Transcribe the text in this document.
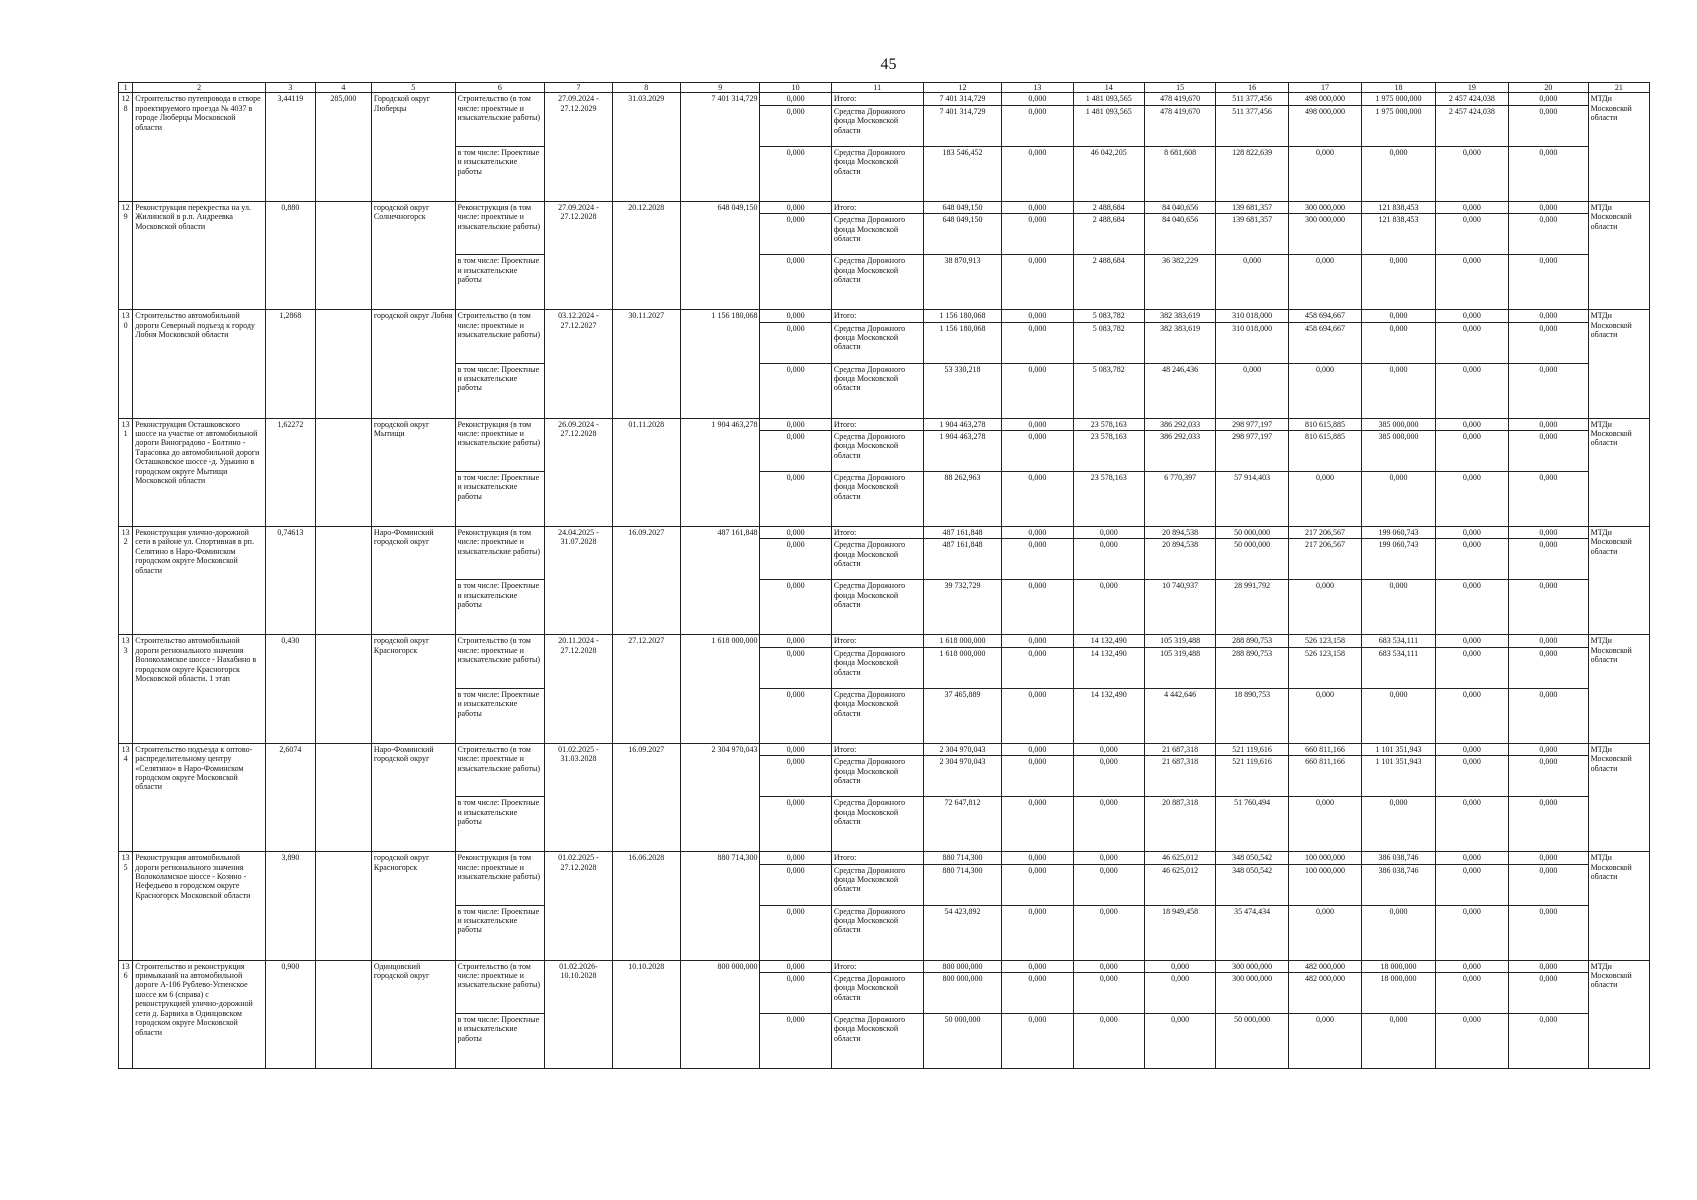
45
1	2	3	4	5	6	7	8	9	10	11	12	13	14	15	16	17	18	19	20	21
128	Строительство путепровода в створе проектируемого проезда № 4037 в городе Люберцы Московской области	3,44119	285,000	Городской округ Люберцы	Строительство (в том числе: проектные и изыскательские работы)	27.09.2024 - 27.12.2029	31.03.2029	7 401 314,729	0,000	Итого:	7 401 314,729	0,000	1 481 093,565	478 419,670	511 377,456	498 000,000	1 975 000,000	2 457 424,038	0,000	МТДи Московской области
									0,000	Средства Дорожного фонда Московской области	7 401 314,729	0,000	1 481 093,565	478 419,670	511 377,456	498 000,000	1 975 000,000	2 457 424,038	0,000	
					в том числе: Проектные и изыскательские работы				0,000	Средства Дорожного фонда Московской области	183 546,452	0,000	46 042,205	8 681,608	128 822,639	0,000	0,000	0,000	0,000	
129	Реконструкция перекрестка на ул. Жилинской в р.п. Андреевка Московской области	0,880		городской округ Солнечногорск	Реконструкция (в том числе: проектные и изыскательские работы)	27.09.2024 - 27.12.2028	20.12.2028	648 049,150	0,000	Итого:	648 049,150	0,000	2 488,684	84 040,656	139 681,357	300 000,000	121 838,453	0,000	0,000	МТДи Московской области
									0,000	Средства Дорожного фонда Московской области	648 049,150	0,000	2 488,684	84 040,656	139 681,357	300 000,000	121 838,453	0,000	0,000	
					в том числе: Проектные и изыскательские работы				0,000	Средства Дорожного фонда Московской области	38 870,913	0,000	2 488,684	36 382,229	0,000	0,000	0,000	0,000	0,000	
130	Строительство автомобильной дороги Северный подъезд к городу Лобня Московской области	1,2868		городской округ Лобня	Строительство (в том числе: проектные и изыскательские работы)	03.12.2024 - 27.12.2027	30.11.2027	1 156 180,068	0,000	Итого:	1 156 180,068	0,000	5 083,782	382 383,619	310 018,000	458 694,667	0,000	0,000	0,000	МТДи Московской области
									0,000	Средства Дорожного фонда Московской области	1 156 180,068	0,000	5 083,782	382 383,619	310 018,000	458 694,667	0,000	0,000	0,000	
					в том числе: Проектные и изыскательские работы				0,000	Средства Дорожного фонда Московской области	53 330,218	0,000	5 083,782	48 246,436	0,000	0,000	0,000	0,000	0,000	
131	Реконструкция Осташковского шоссе на участке от автомобильной дороги Виноградово - Болтино - Тарасовка до автомобильной дороги Осташковское шоссе -д. Удькино в городском округе Мытищи Московской области	1,62272		городской округ Мытищи	Реконструкция (в том числе: проектные и изыскательские работы)	26.09.2024 - 27.12.2028	01.11.2028	1 904 463,278	0,000	Итого:	1 904 463,278	0,000	23 578,163	386 292,033	298 977,197	810 615,885	385 000,000	0,000	0,000	МТДи Московской области
									0,000	Средства Дорожного фонда Московской области	1 904 463,278	0,000	23 578,163	386 292,033	298 977,197	810 615,885	385 000,000	0,000	0,000	
					в том числе: Проектные и изыскательские работы				0,000	Средства Дорожного фонда Московской области	88 262,963	0,000	23 578,163	6 770,397	57 914,403	0,000	0,000	0,000	0,000	
132	Реконструкция улично-дорожной сети в районе ул. Спортивная в рп. Селятино в Наро-Фоминском городском округе Московской области	0,74613		Наро-Фоминский городской округ	Реконструкция (в том числе: проектные и изыскательские работы)	24.04.2025 - 31.07.2028	16.09.2027	487 161,848	0,000	Итого:	487 161,848	0,000	0,000	20 894,538	50 000,000	217 206,567	199 060,743	0,000	0,000	МТДи Московской области
									0,000	Средства Дорожного фонда Московской области	487 161,848	0,000	0,000	20 894,538	50 000,000	217 206,567	199 060,743	0,000	0,000	
					в том числе: Проектные и изыскательские работы				0,000	Средства Дорожного фонда Московской области	39 732,729	0,000	0,000	10 740,937	28 991,792	0,000	0,000	0,000	0,000	
133	Строительство автомобильной дороги регионального значения Волоколамское шоссе - Нахабино в городском округе Красногорск Московской области. 1 этап	0,430		городской округ Красногорск	Строительство (в том числе: проектные и изыскательские работы)	20.11.2024 - 27.12.2028	27.12.2027	1 618 000,000	0,000	Итого:	1 618 000,000	0,000	14 132,490	105 319,488	288 890,753	526 123,158	683 534,111	0,000	0,000	МТДи Московской области
									0,000	Средства Дорожного фонда Московской области	1 618 000,000	0,000	14 132,490	105 319,488	288 890,753	526 123,158	683 534,111	0,000	0,000	
					в том числе: Проектные и изыскательские работы				0,000	Средства Дорожного фонда Московской области	37 465,889	0,000	14 132,490	4 442,646	18 890,753	0,000	0,000	0,000	0,000	
134	Строительство подъезда к оптово-распределительному центру «Селятино» в Наро-Фоминском городском округе Московской области	2,6074		Наро-Фоминский городской округ	Строительство (в том числе: проектные и изыскательские работы)	01.02.2025 - 31.03.2028	16.09.2027	2 304 970,043	0,000	Итого:	2 304 970,043	0,000	0,000	21 687,318	521 119,616	660 811,166	1 101 351,943	0,000	0,000	МТДи Московской области
									0,000	Средства Дорожного фонда Московской области	2 304 970,043	0,000	0,000	21 687,318	521 119,616	660 811,166	1 101 351,943	0,000	0,000	
					в том числе: Проектные и изыскательские работы				0,000	Средства Дорожного фонда Московской области	72 647,812	0,000	0,000	20 887,318	51 760,494	0,000	0,000	0,000	0,000	
135	Реконструкция автомобильной дороги регионального значения Волоколамское шоссе - Козино - Нефедьево в городском округе Красногорск Московской области	3,890		городской округ Красногорск	Реконструкция (в том числе: проектные и изыскательские работы)	01.02.2025 - 27.12.2028	16.06.2028	880 714,300	0,000	Итого:	880 714,300	0,000	0,000	46 625,012	348 050,542	100 000,000	386 038,746	0,000	0,000	МТДи Московской области
									0,000	Средства Дорожного фонда Московской области	880 714,300	0,000	0,000	46 625,012	348 050,542	100 000,000	386 038,746	0,000	0,000	
					в том числе: Проектные и изыскательские работы				0,000	Средства Дорожного фонда Московской области	54 423,892	0,000	0,000	18 949,458	35 474,434	0,000	0,000	0,000	0,000	
136	Строительство и реконструкция примыканий на автомобильной дороге А-106 Рублево-Успенское шоссе км 6 (справа) с реконструкцией улично-дорожной сети д. Барвиха в Одинцовском городском округе Московской области	0,900		Одинцовский городской округ	Строительство (в том числе: проектные и изыскательские работы)	01.02.2026- 10.10.2028	10.10.2028	800 000,000	0,000	Итого:	800 000,000	0,000	0,000	0,000	300 000,000	482 000,000	18 000,000	0,000	0,000	МТДи Московской области
									0,000	Средства Дорожного фонда Московской области	800 000,000	0,000	0,000	0,000	300 000,000	482 000,000	18 000,000	0,000	0,000	
					в том числе: Проектные и изыскательские работы				0,000	Средства Дорожного фонда Московской области	50 000,000	0,000	0,000	0,000	50 000,000	0,000	0,000	0,000	0,000	
